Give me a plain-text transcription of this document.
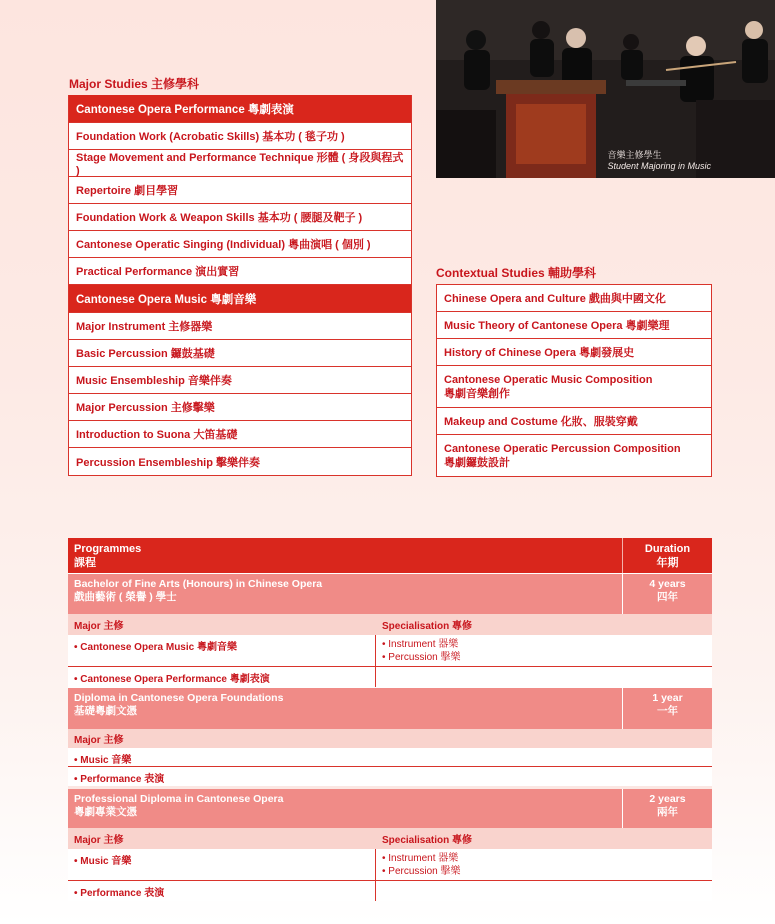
Major Studies 主修學科
Cantonese Opera Performance 粵劇表演
Foundation Work (Acrobatic Skills) 基本功 ( 毯子功 )
Stage Movement and Performance Technique 形體 ( 身段與程式 )
Repertoire 劇目學習
Foundation Work & Weapon Skills 基本功 ( 腰腿及靶子 )
Cantonese Operatic Singing (Individual) 粵曲演唱 ( 個別 )
Practical Performance 演出實習
Cantonese Opera Music 粵劇音樂
Major Instrument 主修器樂
Basic Percussion 鑼鼓基礎
Music Ensembleship 音樂伴奏
Major Percussion 主修擊樂
Introduction to Suona 大笛基礎
Percussion Ensembleship 擊樂伴奏
音樂主修學生
Student Majoring in Music
Contextual Studies 輔助學科
Chinese Opera and Culture 戲曲與中國文化
Music Theory of Cantonese Opera 粵劇樂理
History of Chinese Opera 粵劇發展史
Cantonese Operatic Music Composition
粵劇音樂創作
Makeup and Costume 化妝、服裝穿戴
Cantonese Operatic Percussion Composition
粵劇鑼鼓設計
Programmes
課程
Duration
年期
Bachelor of Fine Arts (Honours) in Chinese Opera
戲曲藝術 ( 榮譽 ) 學士
4 years
四年
Major 主修	Specialisation 專修
• Cantonese Opera Music 粵劇音樂	• Instrument 器樂
• Percussion 擊樂
• Cantonese Opera Performance 粵劇表演
Diploma in Cantonese Opera Foundations
基礎粵劇文憑
1 year
一年
Major 主修
• Music 音樂
• Performance 表演
Professional Diploma in Cantonese Opera
粵劇專業文憑
2 years
兩年
Major 主修	Specialisation 專修
• Music 音樂	• Instrument 器樂
• Percussion 擊樂
• Performance 表演
